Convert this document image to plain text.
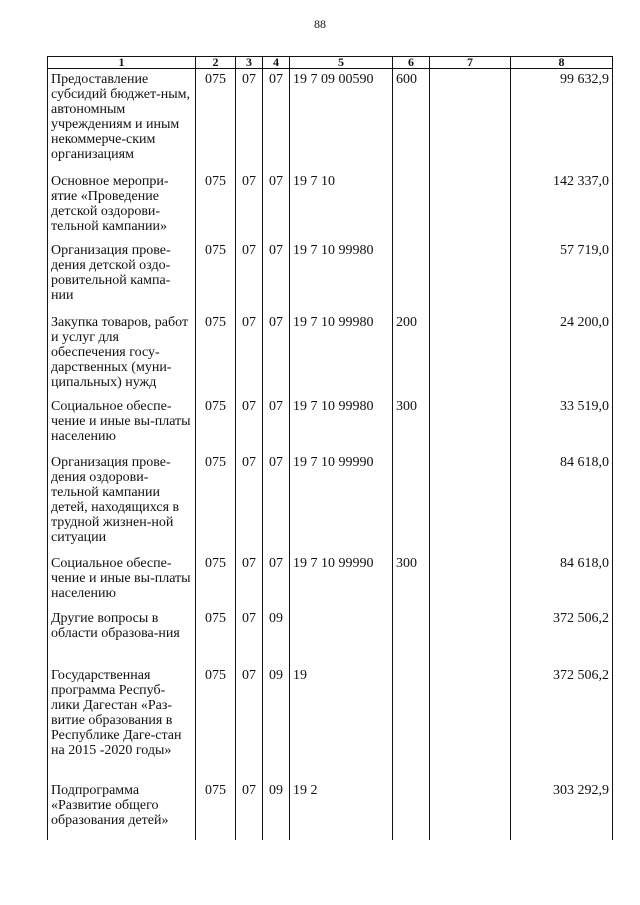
88
1	2	3	4	5	6	7	8
Предоставление субсидий бюджет-ным, автономным учреждениям и иным некоммерче-ским организациям	075	07	07	19 7 09 00590	600		99 632,9
Основное меропри-ятие «Проведение детской оздорови-тельной кампании»	075	07	07	19 7 10			142 337,0
Организация прове-дения детской оздо-ровительной кампа-нии	075	07	07	19 7 10 99980			57 719,0
Закупка товаров, работ и услуг для обеспечения госу-дарственных (муни-ципальных) нужд	075	07	07	19 7 10 99980	200		24 200,0
Социальное обеспе-чение и иные вы-платы населению	075	07	07	19 7 10 99980	300		33 519,0
Организация прове-дения оздорови-тельной кампании детей, находящихся в трудной жизнен-ной ситуации	075	07	07	19 7 10 99990			84 618,0
Социальное обеспе-чение и иные вы-платы населению	075	07	07	19 7 10 99990	300		84 618,0
Другие вопросы в области образова-ния	075	07	09				372 506,2
Государственная программа Респуб-лики Дагестан «Раз-витие образования в Республике Даге-стан на 2015 -2020 годы»	075	07	09	19			372 506,2
Подпрограмма «Развитие общего образования детей»	075	07	09	19 2			303 292,9
